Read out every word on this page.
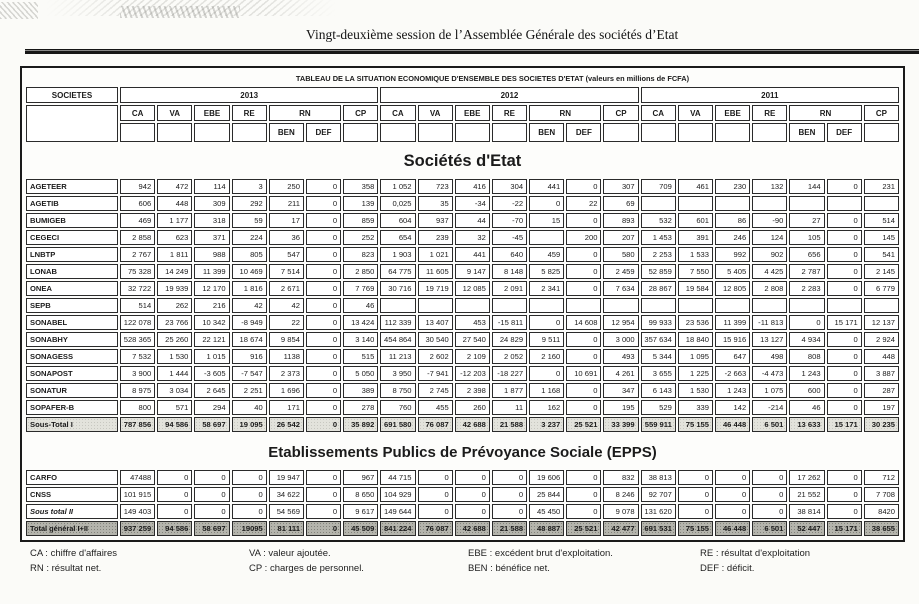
Vingt-deuxième session de l’Assemblée Générale des sociétés d’Etat
TABLEAU DE LA SITUATION ECONOMIQUE D'ENSEMBLE DES SOCIETES D'ETAT (valeurs en millions de FCFA)																					
SOCIETES	2013							2012							2011						
	CA	VA	EBE	RE	RN		CP	CA	VA	EBE	RE	RN		CP	CA	VA	EBE	RE	RN		CP
					BEN	DEF						BEN	DEF						BEN	DEF	
Sociétés d'Etat																					
AGETEER	942	472	114	3	250	0	358	1 052	723	416	304	441	0	307	709	461	230	132	144	0	231
AGETIB	606	448	309	292	211	0	139	0,025	35	-34	-22	0	22	69							
BUMIGEB	469	1 177	318	59	17	0	859	604	937	44	-70	15	0	893	532	601	86	-90	27	0	514
CEGECI	2 858	623	371	224	36	0	252	654	239	32	-45		200	207	1 453	391	246	124	105	0	145
LNBTP	2 767	1 811	988	805	547	0	823	1 903	1 021	441	640	459	0	580	2 253	1 533	992	902	656	0	541
LONAB	75 328	14 249	11 399	10 469	7 514	0	2 850	64 775	11 605	9 147	8 148	5 825	0	2 459	52 859	7 550	5 405	4 425	2 787	0	2 145
ONEA	32 722	19 939	12 170	1 816	2 671	0	7 769	30 716	19 719	12 085	2 091	2 341	0	7 634	28 867	19 584	12 805	2 808	2 283	0	6 779
SEPB	514	262	216	42	42	0	46														
SONABEL	122 078	23 766	10 342	-8 949	22	0	13 424	112 339	13 407	453	-15 811	0	14 608	12 954	99 933	23 536	11 399	-11 813	0	15 171	12 137
SONABHY	528 365	25 260	22 121	18 674	9 854	0	3 140	454 864	30 540	27 540	24 829	9 511	0	3 000	357 634	18 840	15 916	13 127	4 934	0	2 924
SONAGESS	7 532	1 530	1 015	916	1138	0	515	11 213	2 602	2 109	2 052	2 160	0	493	5 344	1 095	647	498	808	0	448
SONAPOST	3 900	1 444	-3 605	-7 547	2 373	0	5 050	3 950	-7 941	-12 203	-18 227	0	10 691	4 261	3 655	1 225	-2 663	-4 473	1 243	0	3 887
SONATUR	8 975	3 034	2 645	2 251	1 696	0	389	8 750	2 745	2 398	1 877	1 168	0	347	6 143	1 530	1 243	1 075	600	0	287
SOPAFER-B	800	571	294	40	171	0	278	760	455	260	11	162	0	195	529	339	142	-214	46	0	197
Sous-Total I	787 856	94 586	58 697	19 095	26 542	0	35 892	691 580	76 087	42 688	21 588	3 237	25 521	33 399	559 911	75 155	46 448	6 501	13 633	15 171	30 235
Etablissements Publics de Prévoyance Sociale (EPPS)																					
CARFO	47488	0	0	0	19 947	0	967	44 715	0	0	0	19 606	0	832	38 813	0	0	0	17 262	0	712
CNSS	101 915	0	0	0	34 622	0	8 650	104 929	0	0	0	25 844	0	8 246	92 707	0	0	0	21 552	0	7 708
Sous total II	149 403	0	0	0	54 569	0	9 617	149 644	0	0	0	45 450	0	9 078	131 620	0	0	0	38 814	0	8420
Total général I+II	937 259	94 586	58 697	19095	81 111	0	45 509	841 224	76 087	42 688	21 588	48 887	25 521	42 477	691 531	75 155	46 448	6 501	52 447	15 171	38 655
CA : chiffre d'affaires
RN : résultat net.
VA : valeur ajoutée.
CP : charges de personnel.
EBE : excédent brut d'exploitation.
BEN : bénéfice net.
RE : résultat d'exploitation
DEF : déficit.
